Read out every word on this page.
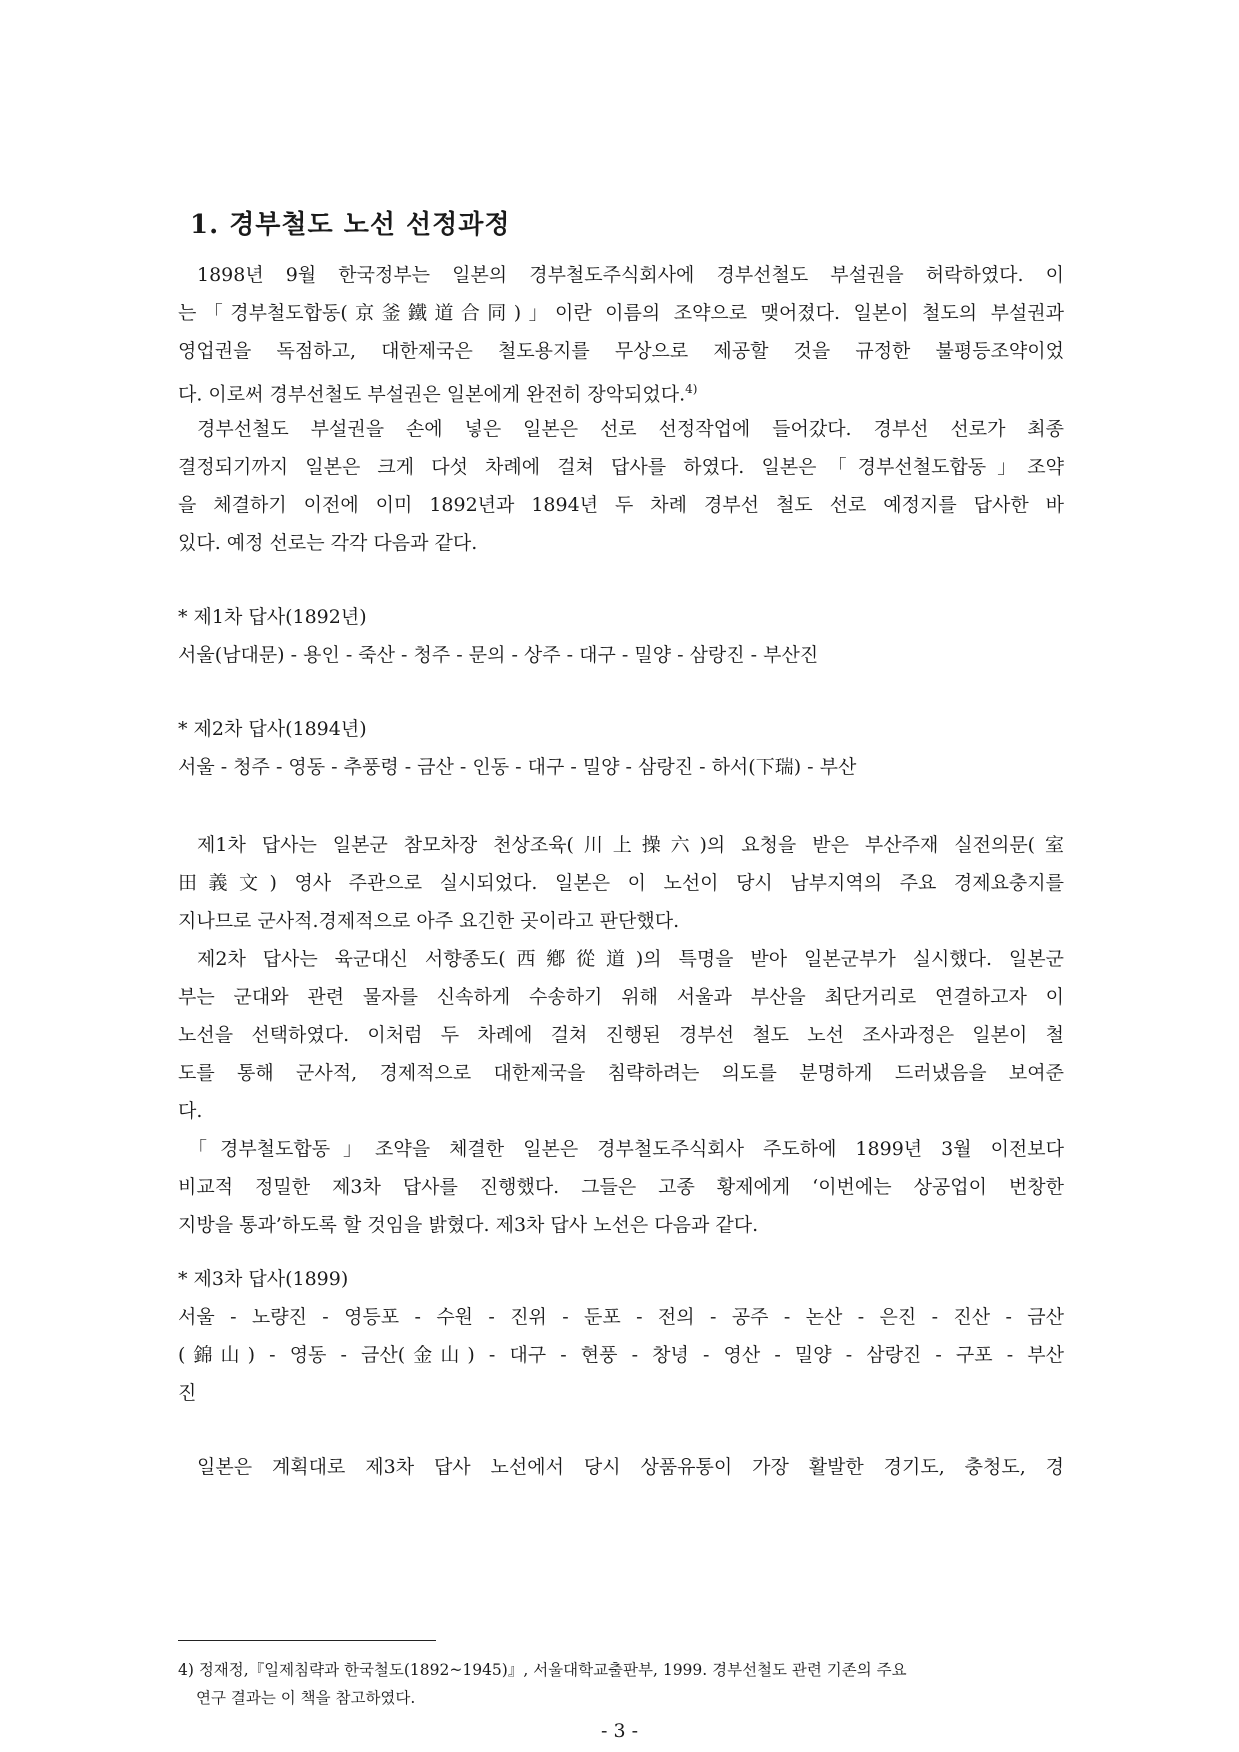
1. 경부철도 노선 선정과정
1898년 9월 한국정부는 일본의 경부철도주식회사에 경부선철도 부설권을 허락하였다. 이
는「경부철도합동(京釜鐵道合同)」이란 이름의 조약으로 맺어졌다. 일본이 철도의 부설권과
영업권을 독점하고, 대한제국은 철도용지를 무상으로 제공할 것을 규정한 불평등조약이었
다. 이로써 경부선철도 부설권은 일본에게 완전히 장악되었다.$^{4)}$
경부선철도 부설권을 손에 넣은 일본은 선로 선정작업에 들어갔다. 경부선 선로가 최종
결정되기까지 일본은 크게 다섯 차례에 걸쳐 답사를 하였다. 일본은「경부선철도합동」조약
을 체결하기 이전에 이미 1892년과 1894년 두 차례 경부선 철도 선로 예정지를 답사한 바
있다. 예정 선로는 각각 다음과 같다.
* 제1차 답사(1892년)
서울(남대문) - 용인 - 죽산 - 청주 - 문의 - 상주 - 대구 - 밀양 - 삼랑진 - 부산진
* 제2차 답사(1894년)
서울 - 청주 - 영동 - 추풍령 - 금산 - 인동 - 대구 - 밀양 - 삼랑진 - 하서(下瑞) - 부산
제1차 답사는 일본군 참모차장 천상조육(川上操六)의 요청을 받은 부산주재 실전의문(室
田義文) 영사 주관으로 실시되었다. 일본은 이 노선이 당시 남부지역의 주요 경제요충지를
지나므로 군사적.경제적으로 아주 요긴한 곳이라고 판단했다.
제2차 답사는 육군대신 서향종도(西鄕從道)의 특명을 받아 일본군부가 실시했다. 일본군
부는 군대와 관련 물자를 신속하게 수송하기 위해 서울과 부산을 최단거리로 연결하고자 이
노선을 선택하였다. 이처럼 두 차례에 걸쳐 진행된 경부선 철도 노선 조사과정은 일본이 철
도를 통해 군사적, 경제적으로 대한제국을 침략하려는 의도를 분명하게 드러냈음을 보여준
다.
「경부철도합동」조약을 체결한 일본은 경부철도주식회사 주도하에 1899년 3월 이전보다
비교적 정밀한 제3차 답사를 진행했다. 그들은 고종 황제에게 ‘이번에는 상공업이 번창한
지방을 통과’하도록 할 것임을 밝혔다. 제3차 답사 노선은 다음과 같다.
* 제3차 답사(1899)
서울 - 노량진 - 영등포 - 수원 - 진위 - 둔포 - 전의 - 공주 - 논산 - 은진 - 진산 - 금산
(錦山) - 영동 - 금산(金山) - 대구 - 현풍 - 창녕 - 영산 - 밀양 - 삼랑진 - 구포 - 부산
진
일본은 계획대로 제3차 답사 노선에서 당시 상품유통이 가장 활발한 경기도, 충청도, 경
4) 정재정,『일제침략과 한국철도(1892~1945)』, 서울대학교출판부, 1999. 경부선철도 관련 기존의 주요
연구 결과는 이 책을 참고하였다.
- 3 -
